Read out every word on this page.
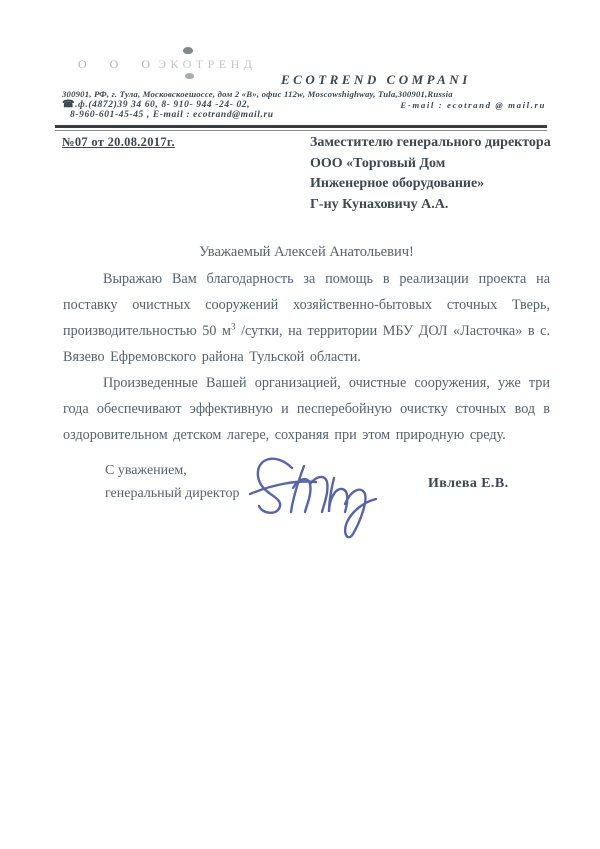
О О О
ЭКОТРЕНД
ECOTREND COMPANI
300901, РФ, г. Тула, Московскоешоссе, дом 2 «В», офис 112w, Moscowshighway, Tula,300901,Russia
☎.ф.(4872)39 34 60, 8- 910- 944 -24- 02,	E-mail : ecotrand @ mail.ru
8-960-601-45-45 , E-mail : ecotrand@mail.ru
№07 от 20.08.2017г.	Заместителю генерального директора
ООО «Торговый Дом
Инженерное оборудование»
Г-ну Кунаховичу А.А.
Уважаемый Алексей Анатольевич!

Выражаю Вам благодарность за помощь в реализации проекта на поставку очистных сооружений хозяйственно-бытовых сточных Тверь, производительностью 50 $м^3$ /сутки, на территории МБУ ДОЛ «Ласточка» в с. Вязево Ефремовского района Тульской области.

Произведенные Вашей организацией, очистные сооружения, уже три года обеспечивают эффективную и песперебойную очистку сточных вод в оздоровительном детском лагере, сохраняя при этом природную среду.

С уважением,
генеральный директор
Ивлева Е.В.
